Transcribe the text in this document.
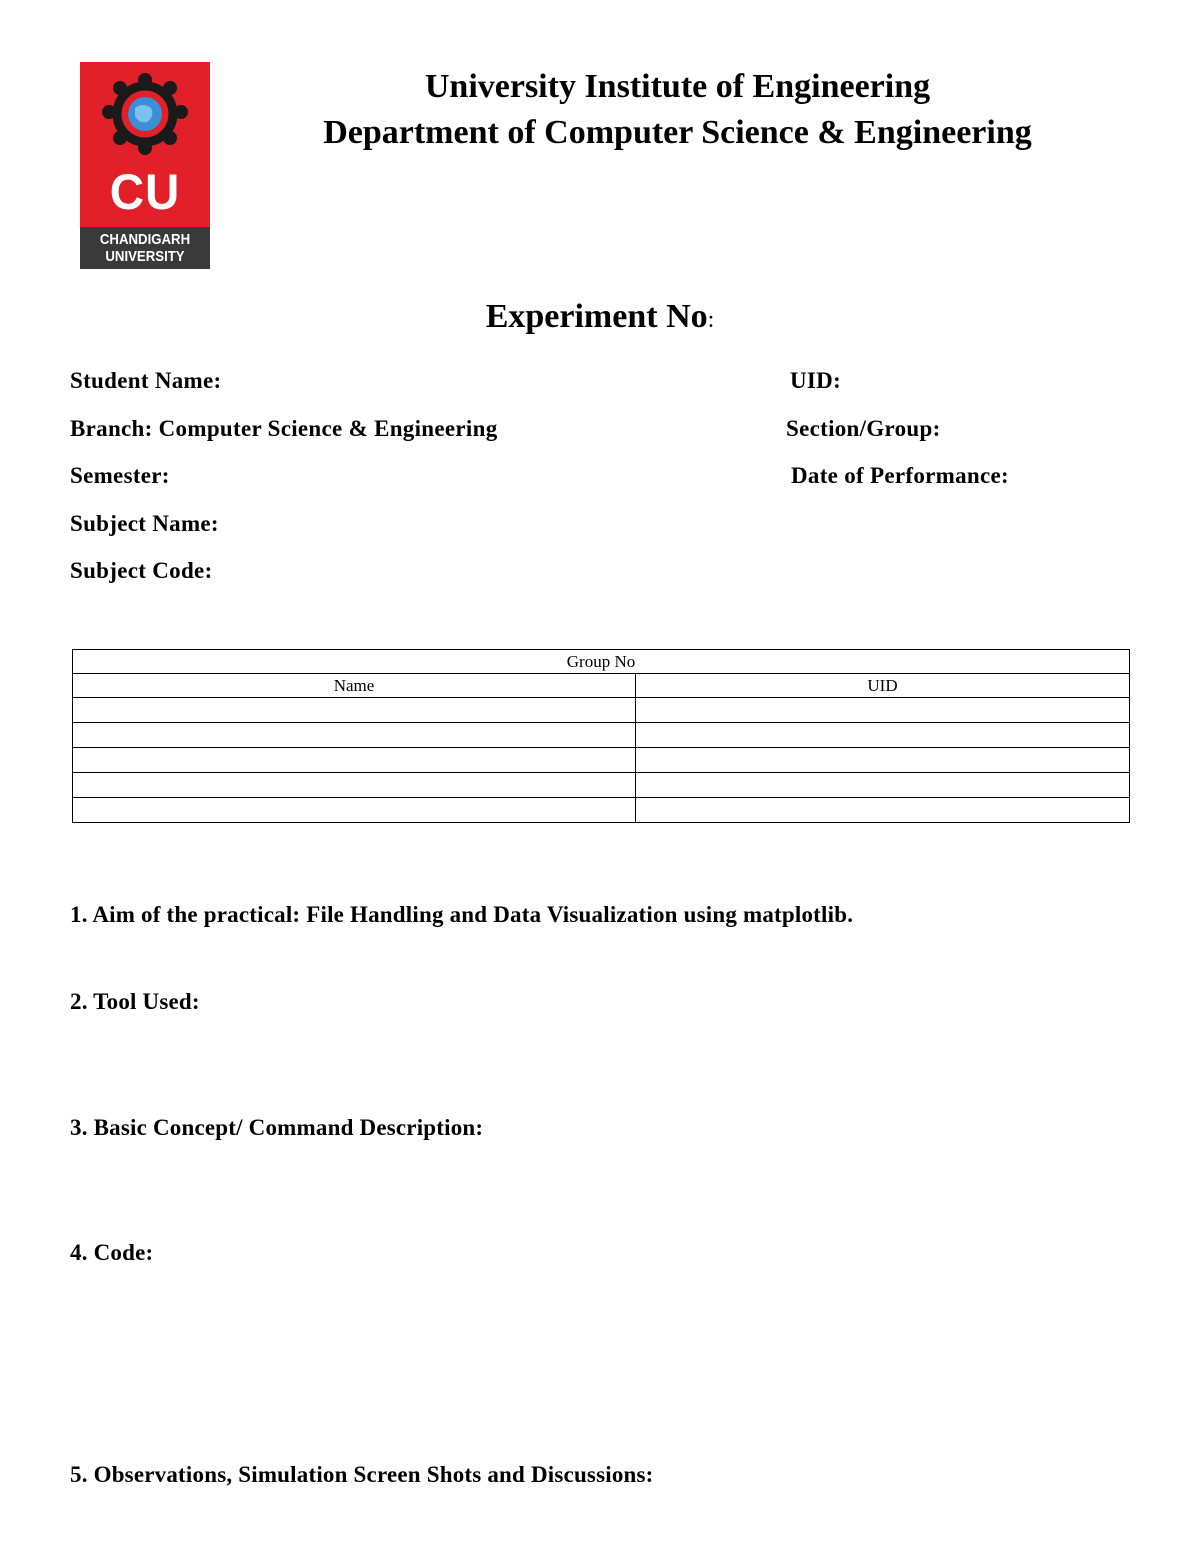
CU
CHANDIGARH
UNIVERSITY
University Institute of Engineering
Department of Computer Science & Engineering
Experiment No:
Student Name:	UID:
Branch: Computer Science & Engineering	Section/Group:
Semester:	Date of Performance:
Subject Name:
Subject Code:
Group No	
Name	UID

1. Aim of the practical: File Handling and Data Visualization using matplotlib.
2. Tool Used:
3. Basic Concept/ Command Description:
4. Code:
5. Observations, Simulation Screen Shots and Discussions:
